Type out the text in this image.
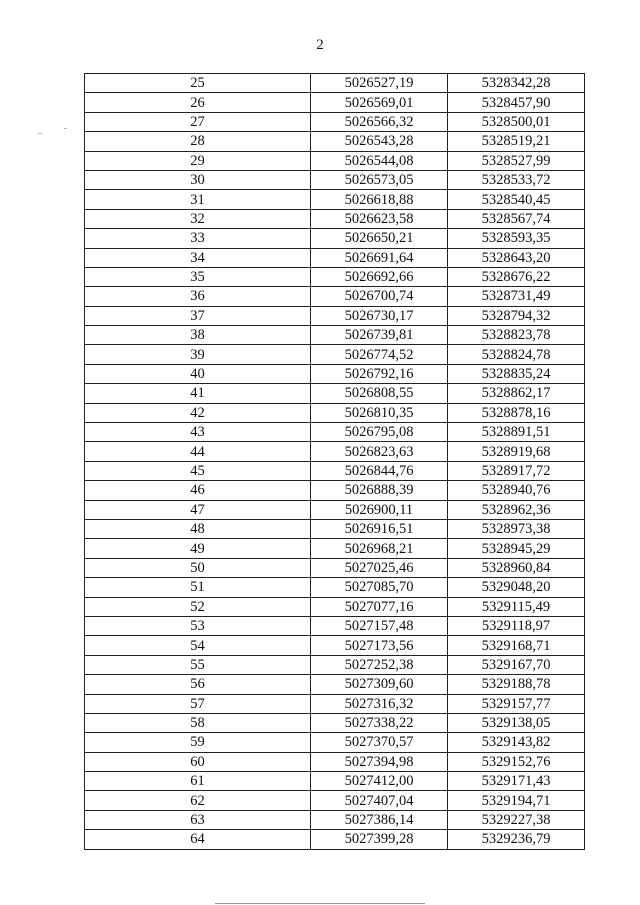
2
25	5026527,19	5328342,28
26	5026569,01	5328457,90
27	5026566,32	5328500,01
28	5026543,28	5328519,21
29	5026544,08	5328527,99
30	5026573,05	5328533,72
31	5026618,88	5328540,45
32	5026623,58	5328567,74
33	5026650,21	5328593,35
34	5026691,64	5328643,20
35	5026692,66	5328676,22
36	5026700,74	5328731,49
37	5026730,17	5328794,32
38	5026739,81	5328823,78
39	5026774,52	5328824,78
40	5026792,16	5328835,24
41	5026808,55	5328862,17
42	5026810,35	5328878,16
43	5026795,08	5328891,51
44	5026823,63	5328919,68
45	5026844,76	5328917,72
46	5026888,39	5328940,76
47	5026900,11	5328962,36
48	5026916,51	5328973,38
49	5026968,21	5328945,29
50	5027025,46	5328960,84
51	5027085,70	5329048,20
52	5027077,16	5329115,49
53	5027157,48	5329118,97
54	5027173,56	5329168,71
55	5027252,38	5329167,70
56	5027309,60	5329188,78
57	5027316,32	5329157,77
58	5027338,22	5329138,05
59	5027370,57	5329143,82
60	5027394,98	5329152,76
61	5027412,00	5329171,43
62	5027407,04	5329194,71
63	5027386,14	5329227,38
64	5027399,28	5329236,79
